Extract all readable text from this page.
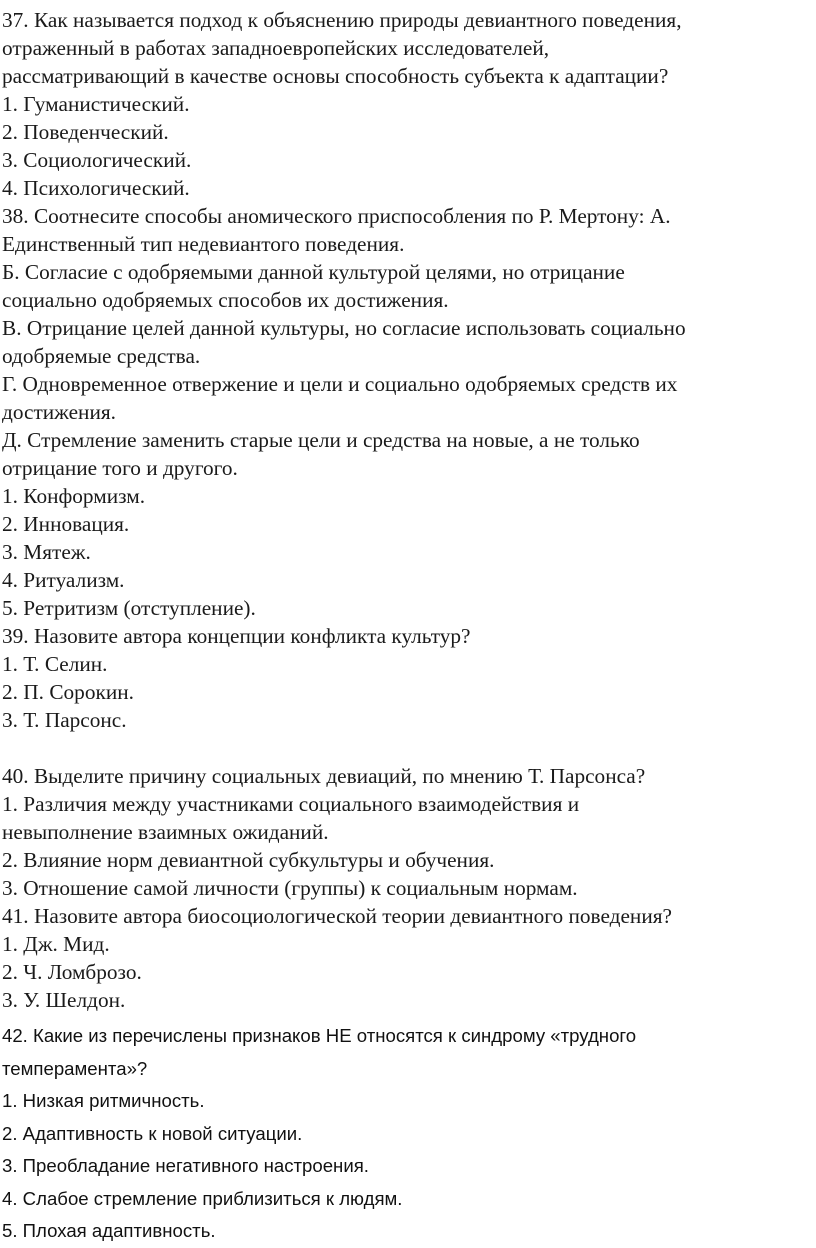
37. Как называется подход к объяснению природы девиантного поведения,
отраженный в работах западноевропейских исследователей,
рассматривающий в качестве основы способность субъекта к адаптации?
1. Гуманистический.
2. Поведенческий.
3. Социологический.
4. Психологический.
38. Соотнесите способы аномического приспособления по Р. Мертону: А.
Единственный тип недевиантого поведения.
Б. Согласие с одобряемыми данной культурой целями, но отрицание
социально одобряемых способов их достижения.
В. Отрицание целей данной культуры, но согласие использовать социально
одобряемые средства.
Г. Одновременное отвержение и цели и социально одобряемых средств их
достижения.
Д. Стремление заменить старые цели и средства на новые, а не только
отрицание того и другого.
1. Конформизм.
2. Инновация.
3. Мятеж.
4. Ритуализм.
5. Ретритизм (отступление).
39. Назовите автора концепции конфликта культур?
1. Т. Селин.
2. П. Сорокин.
3. Т. Парсонс.
40. Выделите причину социальных девиаций, по мнению Т. Парсонса?
1. Различия между участниками социального взаимодействия и
невыполнение взаимных ожиданий.
2. Влияние норм девиантной субкультуры и обучения.
3. Отношение самой личности (группы) к социальным нормам.
41. Назовите автора биосоциологической теории девиантного поведения?
1. Дж. Мид.
2. Ч. Ломброзо.
3. У. Шелдон.
42. Какие из перечислены признаков НЕ относятся к синдрому «трудного
темперамента»?
1. Низкая ритмичность.
2. Адаптивность к новой ситуации.
3. Преобладание негативного настроения.
4. Слабое стремление приблизиться к людям.
5. Плохая адаптивность.
